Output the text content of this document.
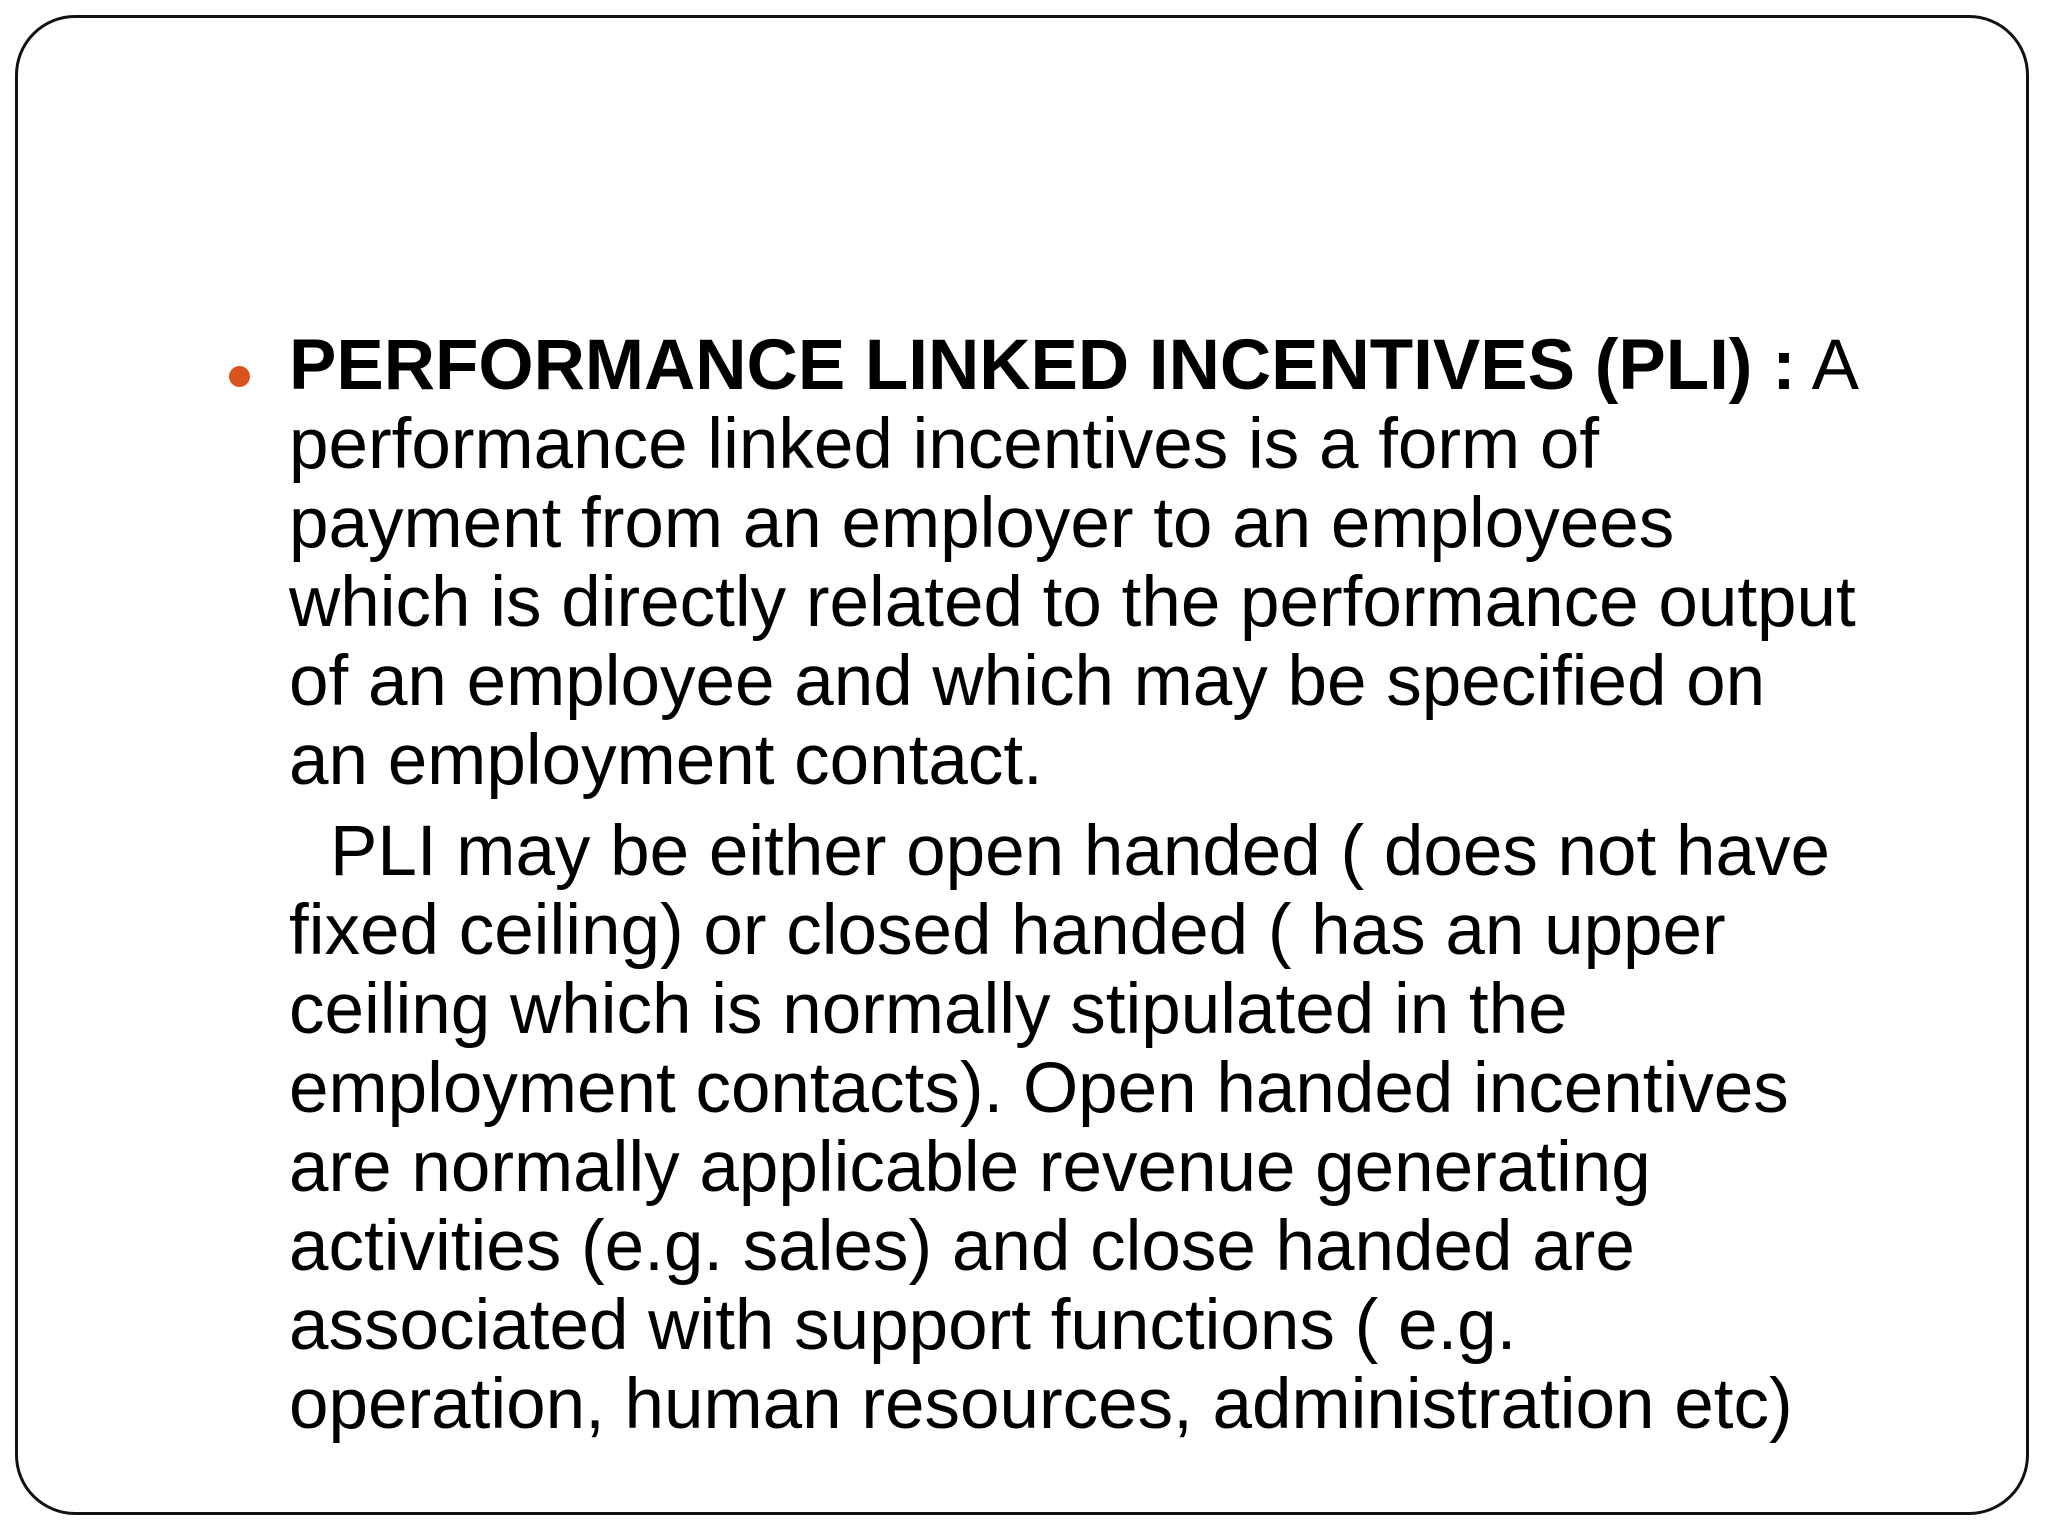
PERFORMANCE LINKED INCENTIVES (PLI) : A
performance linked incentives is a form of
payment from an employer to an employees
which is directly related to the performance output
of an employee and which may be specified on
an employment contact.

PLI may be either open handed ( does not have
fixed ceiling) or closed handed ( has an upper
ceiling which is normally stipulated in the
employment contacts). Open handed incentives
are normally applicable revenue generating
activities (e.g. sales) and close handed are
associated with support functions ( e.g.
operation, human resources, administration etc)
